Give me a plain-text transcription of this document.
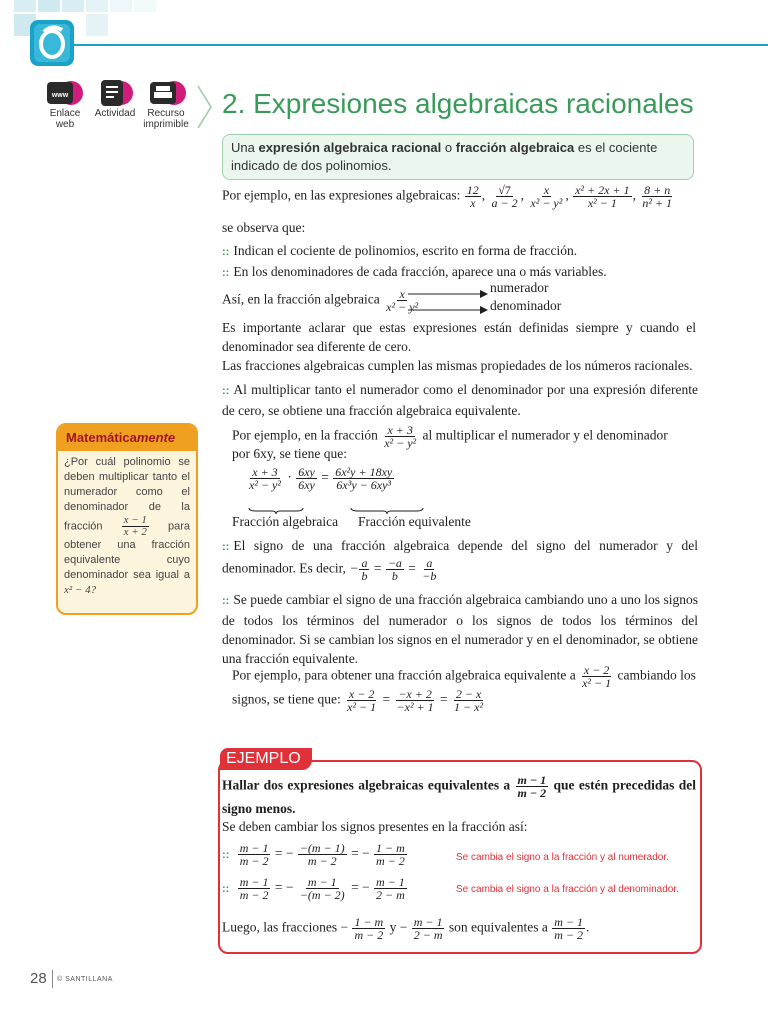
www
Enlace web
Actividad	Recurso imprimible
2. Expresiones algebraicas racionales
Una expresión algebraica racional o fracción algebraica es el cociente indicado de dos polinomios.
Por ejemplo, en las expresiones algebraicas: $\frac{12}{x}$ , $\frac{√7}{a - 2}$ , $\frac{x}{\text{x² − y²}}$ , $\frac{\text{x² + 2x + 1}}{\text{x² − 1}}$ , $\frac{8 + n}{\text{n² + 1}}$
se observa que:
:: Indican el cociente de polinomios, escrito en forma de fracción.
:: En los denominadores de cada fracción, aparece una o más variables.
Así, en la fracción algebraica $\frac{x}{\text{x² − y²}}$
numerador
denominador
Es importante aclarar que estas expresiones están definidas siempre y cuando el denominador sea diferente de cero.
Las fracciones algebraicas cumplen las mismas propiedades de los números racionales.
:: Al multiplicar tanto el numerador como el denominador por una expresión diferente de cero, se obtiene una fracción algebraica equivalente.
Por ejemplo, en la fracción $\frac{x + 3}{\text{x² − y²}}$ al multiplicar el numerador y el denominador
por 6xy, se tiene que:
$\frac{x + 3}{\text{x² − y²}} \cdot \frac{6xy}{6xy} = \frac{\text{6x²y + 18xy}}{\text{6x³y − 6xy³}}$
Fracción algebraica Fracción equivalente
:: El signo de una fracción algebraica depende del signo del numerador y del denominador. Es decir, − $\frac{a}{b} = \frac{-a}{b} = \frac{a}{-b}$
:: Se puede cambiar el signo de una fracción algebraica cambiando uno a uno los signos de todos los términos del numerador o los signos de todos los términos del denominador. Si se cambian los signos en el numerador y en el denominador, se obtiene una fracción equivalente.
Por ejemplo, para obtener una fracción algebraica equivalente a $\frac{x - 2}{\text{x² − 1}}$ cambiando los
signos, se tiene que: $\frac{x - 2}{\text{x² − 1}} = \frac{-x + 2}{\text{−x² + 1}} = \frac{2 - x}{\text{1 − x²}}$
Matemáticamente
¿Por cuál polinomio se deben multiplicar tanto el numerador como el denominador de la fracción $\frac{x - 1}{x + 2}$ para obtener una fracción equivalente cuyo denominador sea igual a x² − 4?
EJEMPLO
Hallar dos expresiones algebraicas equivalentes a $\frac{m - 1}{m - 2}$ que estén precedidas del signo menos.
Se deben cambiar los signos presentes en la fracción así:
:: $\frac{m - 1}{m - 2}$ = − $\frac{-(m - 1)}{m - 2}$ = − $\frac{1 - m}{m - 2}$	Se cambia el signo a la fracción y al numerador.
:: $\frac{m - 1}{m - 2}$ = − $\frac{m - 1}{-(m - 2)}$ = − $\frac{m - 1}{2 - m}$	Se cambia el signo a la fracción y al denominador.
Luego, las fracciones − $\frac{1 - m}{m - 2}$ $y - \frac{m - 1}{2 - m}$ son equivalentes a $\frac{m - 1}{m - 2}$ .
28 © SANTILLANA
